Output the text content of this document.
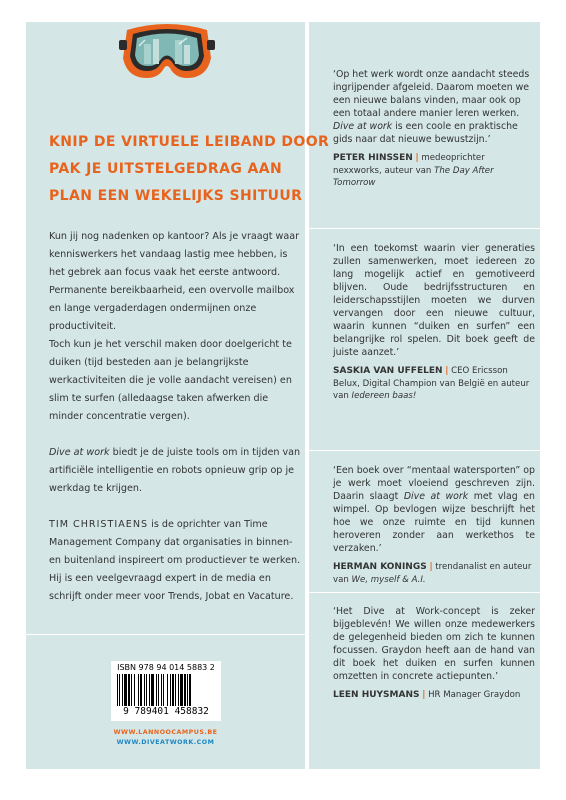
KNIP DE VIRTUELE LEIBAND DOOR
PAK JE UITSTELGEDRAG AAN
PLAN EEN WEKELIJKS SHITUUR

Kun jij nog nadenken op kantoor? Als je vraagt waar kenniswerkers het vandaag lastig mee hebben, is het gebrek aan focus vaak het eerste antwoord. Permanente bereikbaarheid, een overvolle mailbox en lange vergaderdagen ondermijnen onze productiviteit.

Toch kun je het verschil maken door doelgericht te duiken (tijd besteden aan je belangrijkste werkactiviteiten die je volle aandacht vereisen) en slim te surfen (alledaagse taken afwerken die minder concentratie vergen).

Dive at work biedt je de juiste tools om in tijden van artificiële intelligentie en robots opnieuw grip op je werkdag te krijgen.

TIM CHRISTIAENS is de oprichter van Time Management Company dat organisaties in binnen- en buitenland inspireert om productiever te werken. Hij is een veelgevraagd expert in de media en schrijft onder meer voor Trends, Jobat en Vacature.

ISBN 978 94 014 5883 2
9 789401 458832
WWW.LANNOOCAMPUS.BE
WWW.DIVEATWORK.COM

‘Op het werk wordt onze aandacht steeds ingrijpender afgeleid. Daarom moeten we een nieuwe balans vinden, maar ook op een totaal andere manier leren werken. Dive at work is een coole en praktische gids naar dat nieuwe bewustzijn.’

PETER HINSSEN | medeoprichter nexxworks, auteur van The Day After Tomorrow

‘In een toekomst waarin vier generaties zullen samenwerken, moet iedereen zo lang mogelijk actief en gemotiveerd blijven. Oude bedrijfsstructuren en leiderschapsstijlen moeten we durven vervangen door een nieuwe cultuur, waarin kunnen “duiken en surfen” een belangrijke rol spelen. Dit boek geeft de juiste aanzet.’

SASKIA VAN UFFELEN | CEO Ericsson Belux, Digital Champion van België en auteur van Iedereen baas!

‘Een boek over “mentaal watersporten” op je werk moet vloeiend geschreven zijn. Daarin slaagt Dive at work met vlag en wimpel. Op bevlogen wijze beschrijft het hoe we onze ruimte en tijd kunnen heroveren zonder aan werkethos te verzaken.’

HERMAN KONINGS | trendanalist en auteur van We, myself & A.I.

‘Het Dive at Work-concept is zeker bijgeblevén! We willen onze medewerkers de gelegenheid bieden om zich te kunnen focussen. Graydon heeft aan de hand van dit boek het duiken en surfen kunnen omzetten in concrete actiepunten.’

LEEN HUYSMANS | HR Manager Graydon
